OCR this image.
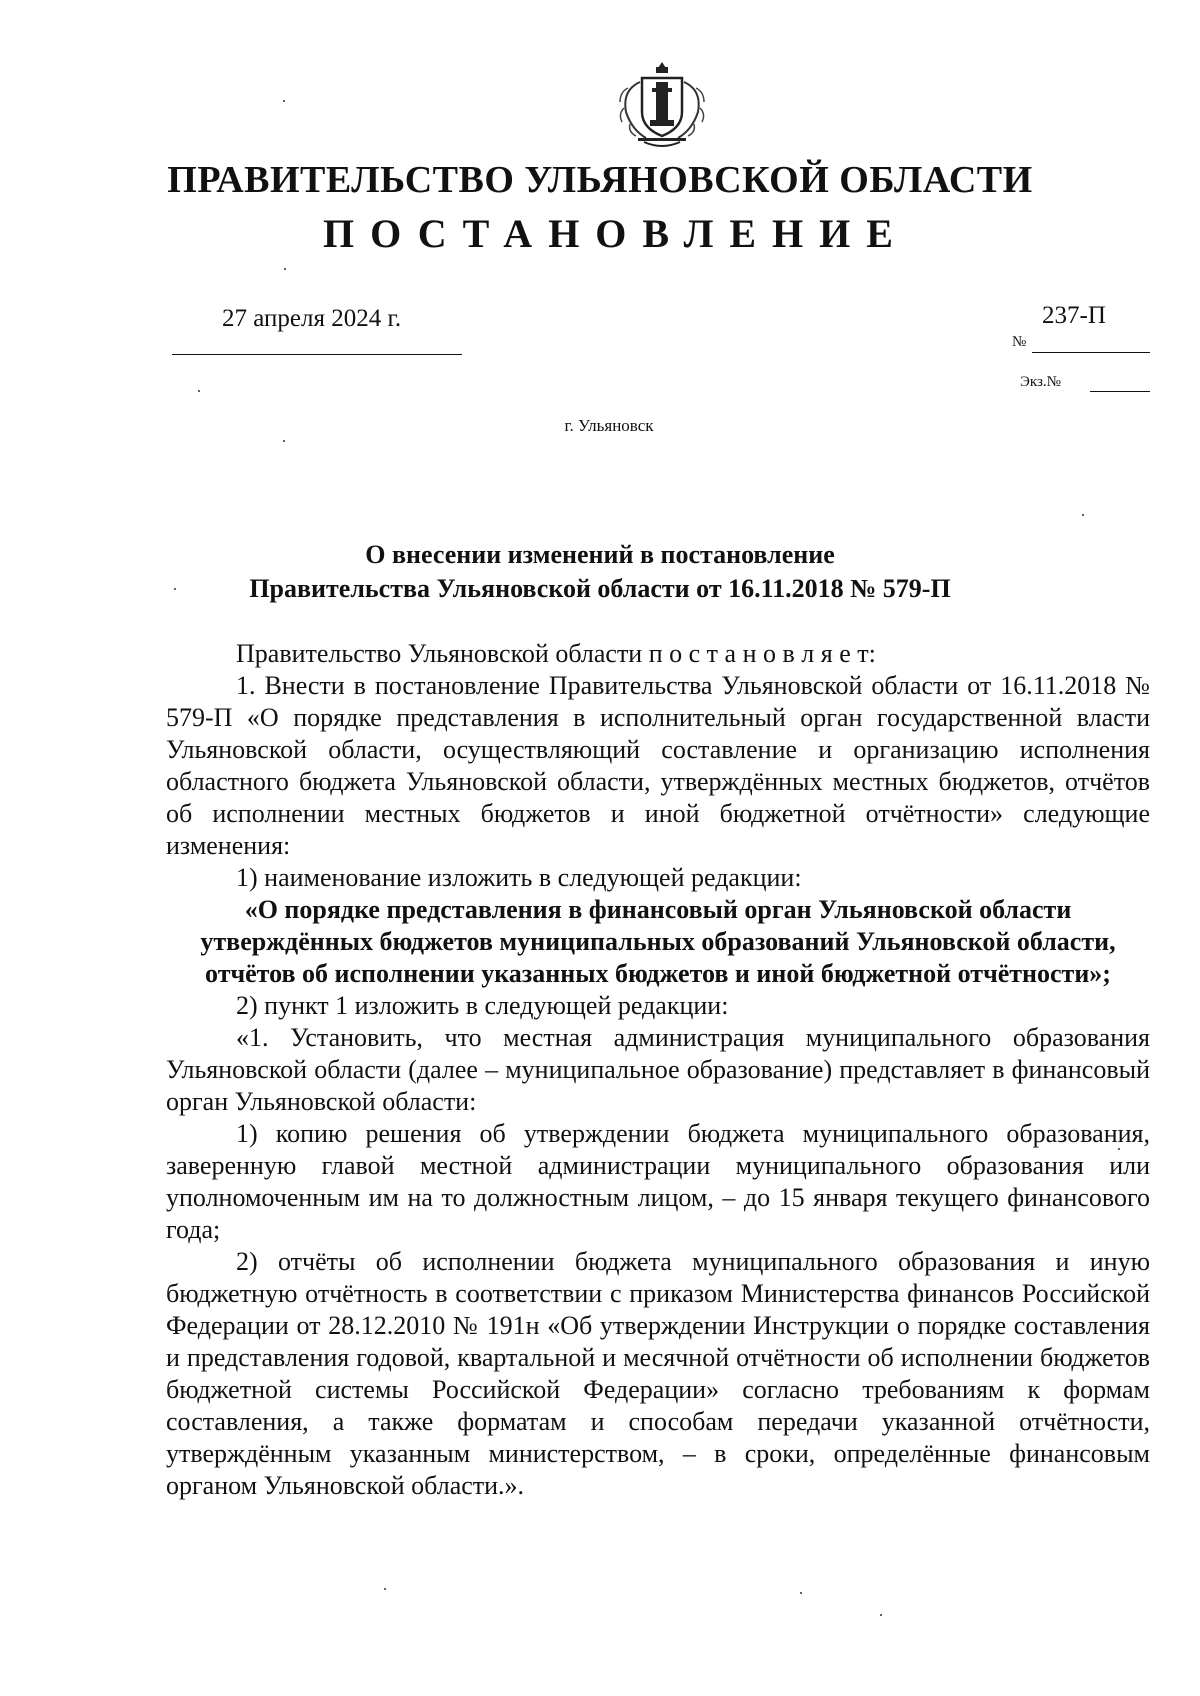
ПРАВИТЕЛЬСТВО УЛЬЯНОВСКОЙ ОБЛАСТИ
ПОСТАНОВЛЕНИЕ
27 апреля 2024 г.	237-П
№
Экз.№
г. Ульяновск
О внесении изменений в постановление
Правительства Ульяновской области от 16.11.2018 № 579-П

Правительство Ульяновской области п о с т а н о в л я е т:

1. Внести в постановление Правительства Ульяновской области от 16.11.2018 № 579-П «О порядке представления в исполнительный орган государственной власти Ульяновской области, осуществляющий составление и организацию исполнения областного бюджета Ульяновской области, утверждённых местных бюджетов, отчётов об исполнении местных бюджетов и иной бюджетной отчётности» следующие изменения:

1) наименование изложить в следующей редакции:

«О порядке представления в финансовый орган Ульяновской области утверждённых бюджетов муниципальных образований Ульяновской области, отчётов об исполнении указанных бюджетов и иной бюджетной отчётности»;

2) пункт 1 изложить в следующей редакции:

«1. Установить, что местная администрация муниципального образования Ульяновской области (далее – муниципальное образование) представляет в финансовый орган Ульяновской области:

1) копию решения об утверждении бюджета муниципального образования, заверенную главой местной администрации муниципального образования или уполномоченным им на то должностным лицом, – до 15 января текущего финансового года;

2) отчёты об исполнении бюджета муниципального образования и иную бюджетную отчётность в соответствии с приказом Министерства финансов Российской Федерации от 28.12.2010 № 191н «Об утверждении Инструкции о порядке составления и представления годовой, квартальной и месячной отчётности об исполнении бюджетов бюджетной системы Российской Федерации» согласно требованиям к формам составления, а также форматам и способам передачи указанной отчётности, утверждённым указанным министерством, – в сроки, определённые финансовым органом Ульяновской области.».
